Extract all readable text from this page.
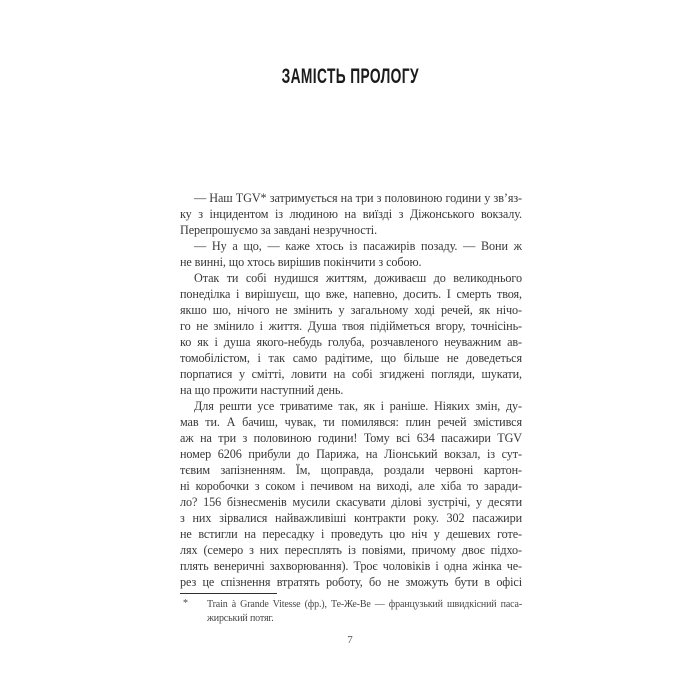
ЗАМІСТЬ ПРОЛОГУ
— Наш TGV* затримується на три з половиною години у зв’яз-
ку з інцидентом із людиною на виїзді з Діжонського вокзалу.
Перепрошуємо за завдані незручності.
— Ну а що, — каже хтось із пасажирів позаду. — Вони ж
не винні, що хтось вирішив покінчити з собою.
Отак ти собі нудишся життям, доживаєш до великоднього
понеділка і вирішуєш, що вже, напевно, досить. І смерть твоя,
якшо шо, нічого не змінить у загальному ході речей, як нічо-
го не змінило і життя. Душа твоя підійметься вгору, точнісінь-
ко як і душа якого-небудь голуба, розчавленого неуважним ав-
томобілістом, і так само радітиме, що більше не доведеться
порпатися у смітті, ловити на собі згиджені погляди, шукати,
на що прожити наступний день.
Для решти усе триватиме так, як і раніше. Ніяких змін, ду-
мав ти. А бачиш, чувак, ти помилявся: плин речей змістився
аж на три з половиною години! Тому всі 634 пасажири TGV
номер 6206 прибули до Парижа, на Ліонський вокзал, із сут-
тєвим запізненням. Їм, щоправда, роздали червоні картон-
ні коробочки з соком і печивом на виході, але хіба то заради-
ло? 156 бізнесменів мусили скасувати ділові зустрічі, у десяти
з них зірвалися найважливіші контракти року. 302 пасажири
не встигли на пересадку і проведуть цю ніч у дешевих готе-
лях (семеро з них пересплять із повіями, причому двоє підхо-
плять венеричні захворювання). Троє чоловіків і одна жінка че-
рез це спізнення втратять роботу, бо не зможуть бути в офісі
* Train à Grande Vitesse (фр.), Те-Же-Ве — французький швидкісний паса-
жирський потяг.
7
